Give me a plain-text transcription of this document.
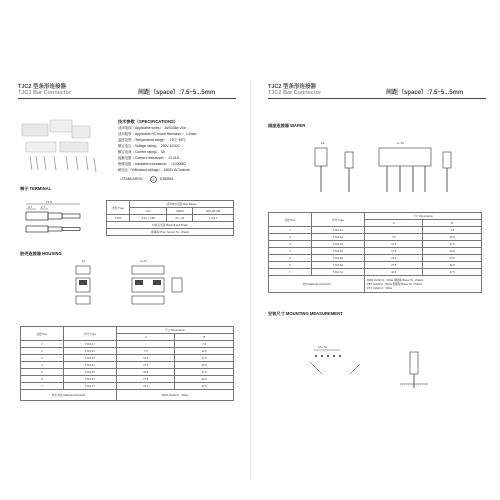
TJC2 型条形连接器
TJC2 Bar Connector	间距（space）:7.5~5...5mm
TJC2 型条形连接器
TJC2 Bar Connector	间距（space）:7.5~5...5mm
技术参数（SPECIFICATIONS）
适用电线（Applicable wires）：AWG26#~20#
适用板厚（Applicable PC board thickness）：1.6mm
温度范围（Temperature range）：-25℃~85℃
额定电压（Voltage rating）：250V AC/DC
额定电流（Current rating）：3A
接触电阻（Contact resistance）：<0.01Ω
绝缘电阻（Insulation resistance）：>1000MΩ
耐电压（Withstand voltage）：1500V AC/minute
（STANDARDS） UL E355961
端子 TERMINAL
13.5
3.7	1.7	类型 Type	适用电线范围 Wire Range		
	mm²	AWG#	Wire ød (Ta)
TJC2	0.13 ~ 0.58	26 ~ 20	1.9-0.7
材质及表面 Material and Finish			
镀镍锡 Phos. bronze Tin - Plated			
胶壳连接器 HOUSING
1Y	2~4Y
位数 Pos.	料号 Type	尺寸 Dimensions	
		A	B
1	TJC2-1Y	-	7.5
2	TJC2-2Y	7.5	12.5
3	TJC2-3Y	12.5	17.5
4	TJC2-4Y	17.5	22.5
5	TJC2-5Y	22.5	27.5
6	TJC2-6Y	27.5	32.5
7	TJC2-7Y	32.5	37.5
材质 材质 Material and Finish		PA66 UL94V-0：White	
插座连接器 WAFER
1A	2~7A
位数 Pos.	料号 Type	尺寸 Dimensions	
		A	B
1	TJC2-1A	-	7.5
2	TJC2-2A	7.5	12.5
3	TJC2-3A	12.5	17.5
4	TJC2-4A	17.5	22.5
5	TJC2-5A	22.5	27.5
6	TJC2-6A	27.5	32.5
7	TJC2-7A	32.5	37.5
材质 Material and Finish		PA66 UL94V-0：White 铜镀锡 Brass Tin - Plated
PBT UL94V-0：White 铜镀锡 Brass Tin - Plated
PCT UL94V-0：White	
安装尺寸 MOUNTING MEASUREMENT
1A~7A
